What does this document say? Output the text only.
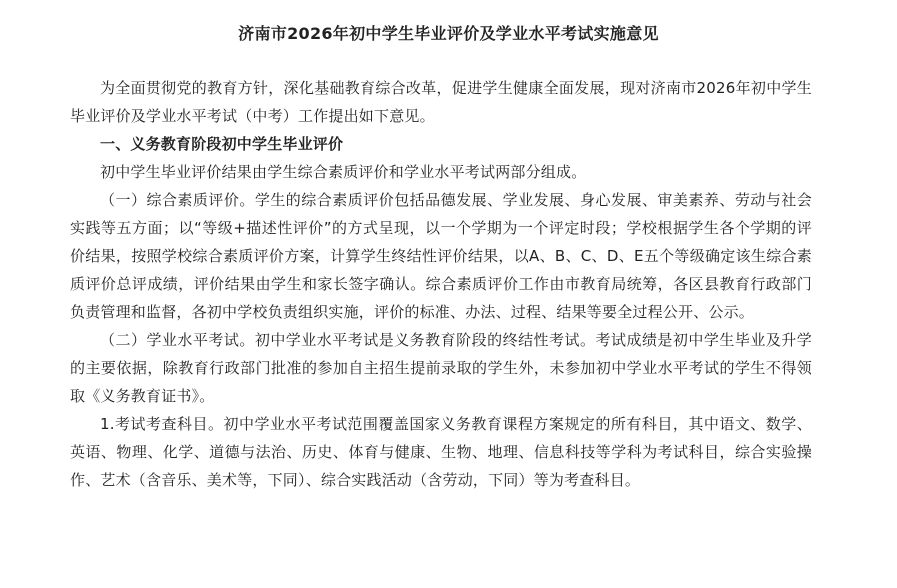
济南市2026年初中学生毕业评价及学业水平考试实施意见

为全面贯彻党的教育方针，深化基础教育综合改革，促进学生健康全面发展，现对济南市2026年初中学生毕业评价及学业水平考试（中考）工作提出如下意见。

一、义务教育阶段初中学生毕业评价

初中学生毕业评价结果由学生综合素质评价和学业水平考试两部分组成。

（一）综合素质评价。学生的综合素质评价包括品德发展、学业发展、身心发展、审美素养、劳动与社会实践等五方面；以“等级+描述性评价”的方式呈现，以一个学期为一个评定时段；学校根据学生各个学期的评价结果，按照学校综合素质评价方案，计算学生终结性评价结果，以A、B、C、D、E五个等级确定该生综合素质评价总评成绩，评价结果由学生和家长签字确认。综合素质评价工作由市教育局统筹，各区县教育行政部门负责管理和监督，各初中学校负责组织实施，评价的标准、办法、过程、结果等要全过程公开、公示。

（二）学业水平考试。初中学业水平考试是义务教育阶段的终结性考试。考试成绩是初中学生毕业及升学的主要依据，除教育行政部门批准的参加自主招生提前录取的学生外，未参加初中学业水平考试的学生不得领取《义务教育证书》。

1.考试考查科目。初中学业水平考试范围覆盖国家义务教育课程方案规定的所有科目，其中语文、数学、英语、物理、化学、道德与法治、历史、体育与健康、生物、地理、信息科技等学科为考试科目，综合实验操作、艺术（含音乐、美术等，下同）、综合实践活动（含劳动，下同）等为考查科目。
